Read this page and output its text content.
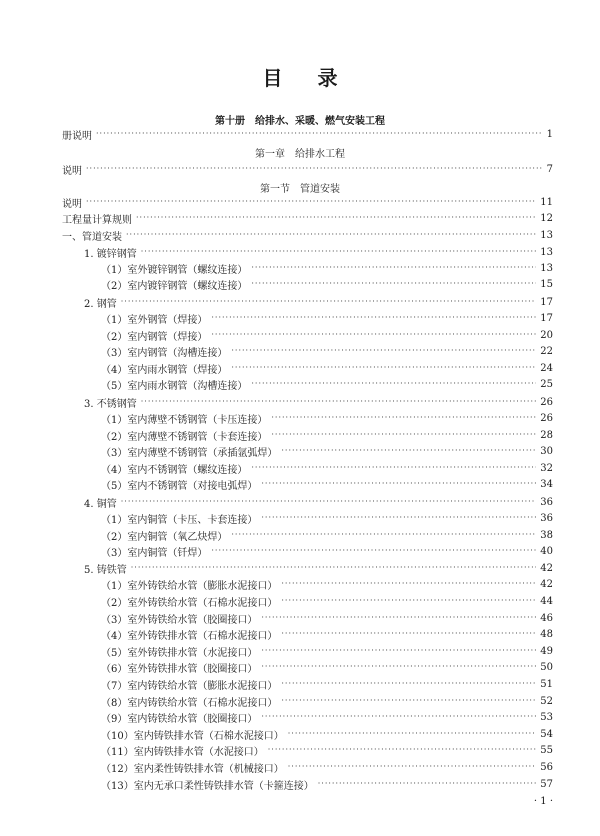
目 录
第十册　给排水、采暖、燃气安装工程
册说明 ·····	1
第一章　给排水工程
说明 ·····	7
第一节　管道安装
说明 ·····	11
工程量计算规则 ·····	12
一、管道安装 ·····	13
1. 镀锌钢管 ·····	13
（1）室外镀锌钢管（螺纹连接） ·····	13
（2）室内镀锌钢管（螺纹连接） ·····	15
2. 钢管 ·····	17
（1）室外钢管（焊接） ·····	17
（2）室内钢管（焊接） ·····	20
（3）室内钢管（沟槽连接） ·····	22
（4）室内雨水钢管（焊接） ·····	24
（5）室内雨水钢管（沟槽连接） ·····	25
3. 不锈钢管 ·····	26
（1）室内薄壁不锈钢管（卡压连接） ·····	26
（2）室内薄壁不锈钢管（卡套连接） ·····	28
（3）室内薄壁不锈钢管（承插氩弧焊） ·····	30
（4）室内不锈钢管（螺纹连接） ·····	32
（5）室内不锈钢管（对接电弧焊） ·····	34
4. 铜管 ·····	36
（1）室内铜管（卡压、卡套连接） ·····	36
（2）室内铜管（氧乙炔焊） ·····	38
（3）室内铜管（钎焊） ·····	40
5. 铸铁管 ·····	42
（1）室外铸铁给水管（膨胀水泥接口） ·····	42
（2）室外铸铁给水管（石棉水泥接口） ·····	44
（3）室外铸铁给水管（胶圈接口） ·····	46
（4）室外铸铁排水管（石棉水泥接口） ·····	48
（5）室外铸铁排水管（水泥接口） ·····	49
（6）室外铸铁排水管（胶圈接口） ·····	50
（7）室内铸铁给水管（膨胀水泥接口） ·····	51
（8）室内铸铁给水管（石棉水泥接口） ·····	52
（9）室内铸铁给水管（胶圈接口） ·····	53
（10）室内铸铁排水管（石棉水泥接口） ·····	54
（11）室内铸铁排水管（水泥接口） ·····	55
（12）室内柔性铸铁排水管（机械接口） ·····	56
（13）室内无承口柔性铸铁排水管（卡箍连接） ·····	57
· 1 ·
